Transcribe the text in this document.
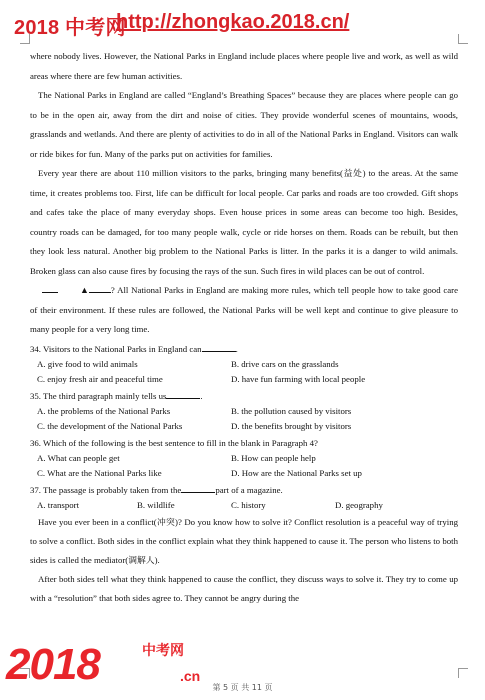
2018 中考网
http://zhongkao.2018.cn/

where nobody lives. However, the National Parks in England include places where people live and work, as well as wild areas where there are few human activities.

The National Parks in England are called “England’s Breathing Spaces” because they are places where people can go to be in the open air, away from the dirt and noise of cities. They provide wonderful scenes of mountains, woods, grasslands and wetlands. And there are plenty of activities to do in all of the National Parks in England. Visitors can walk or ride bikes for fun. Many of the parks put on activities for families.

Every year there are about 110 million visitors to the parks, bringing many benefits(益处) to the areas. At the same time, it creates problems too. First, life can be difficult for local people. Car parks and roads are too crowded. Gift shops and cafes take the place of many everyday shops. Even house prices in some areas can become too high. Besides, country roads can be damaged, for too many people walk, cycle or ride horses on them. Roads can be rebuilt, but then they look less natural. Another big problem to the National Parks is litter. In the parks it is a danger to wild animals. Broken glass can also cause fires by focusing the rays of the sun. Such fires in wild places can be out of control.

▲	? All National Parks in England are making more rules, which tell people how to take good care of their environment. If these rules are followed, the National Parks will be well kept and continue to give pleasure to many people for a very long time.

34. Visitors to the National Parks in England can	.
A. give food to wild animals	B. drive cars on the grasslands
C. enjoy fresh air and peaceful time	D. have fun farming with local people
35. The third paragraph mainly tells us	.
A. the problems of the National Parks	B. the pollution caused by visitors
C. the development of the National Parks	D. the benefits brought by visitors
36. Which of the following is the best sentence to fill in the blank in Paragraph 4?
A. What can people get	B. How can people help
C. What are the National Parks like	D. How are the National Parks set up
37. The passage is probably taken from the	part of a magazine.
A. transport	B. wildlife	C. history	D. geography

Have you ever been in a conflict(冲突)? Do you know how to solve it? Conflict resolution is a peaceful way of trying to solve a conflict. Both sides in the conflict explain what they think happened to cause it. The person who listens to both sides is called the mediator(调解人).

After both sides tell what they think happened to cause the conflict, they discuss ways to solve it. They try to come up with a “resolution” that both sides agree to. They cannot be angry during the

2018	中考网
.cn
第 5 页 共 11 页
